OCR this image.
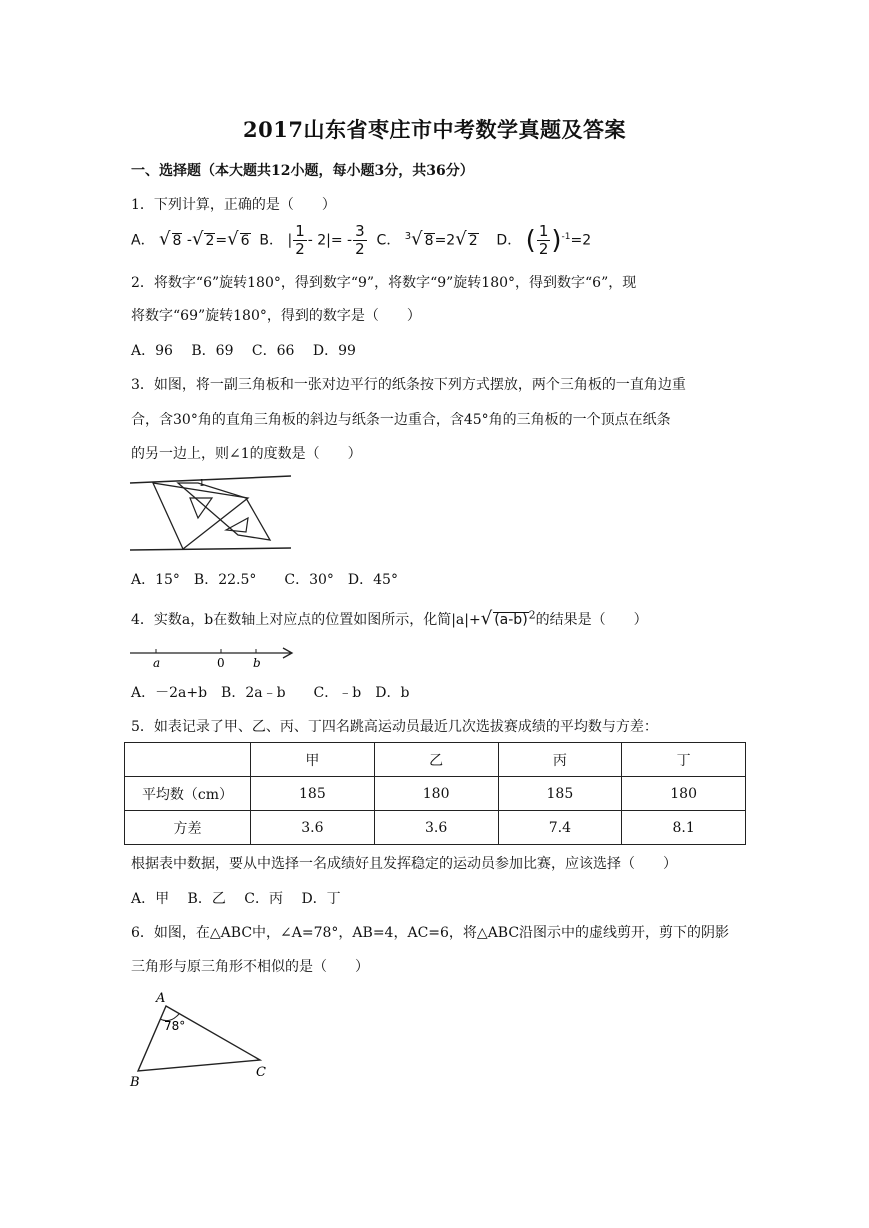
2017山东省枣庄市中考数学真题及答案
一、选择题（本大题共12小题，每小题3分，共36分）
1．下列计算，正确的是（　　）
A． √ 8 -√ 2=√ 6 B． | $\frac{1}{2} - 2|= - \frac{3}{2}$ C． $^3$√ 8=2√ 2 D． ( $\frac{1}{2} )^{-1}=2$
2．将数字“6”旋转180°，得到数字“9”，将数字“9”旋转180°，得到数字“6”，现
将数字“69”旋转180°，得到的数字是（　　）
A．96　 B．69　 C．66　 D．99
3．如图，将一副三角板和一张对边平行的纸条按下列方式摆放，两个三角板的一直角边重
合，含30°角的直角三角板的斜边与纸条一边重合，含45°角的三角板的一个顶点在纸条
的另一边上，则∠1的度数是（　　）
1
A．15°　B．22.5°　　C．30°　D．45°
4．实数a，b在数轴上对应点的位置如图所示，化简|a|+√ $(a-b)^2$的结果是（　　）
a	0 b
A．－2a+b　B．2a﹣b　　C．﹣b　D．b
5．如表记录了甲、乙、丙、丁四名跳高运动员最近几次选拔赛成绩的平均数与方差：
	甲	乙	丙	丁
平均数（cm）	185	180	185	180
方差	3.6	3.6	7.4	8.1
根据表中数据，要从中选择一名成绩好且发挥稳定的运动员参加比赛，应该选择（　　）
A．甲　 B．乙　 C．丙　 D．丁
6．如图，在△ABC中，∠A=78°，AB=4，AC=6，将△ABC沿图示中的虚线剪开，剪下的阴影
三角形与原三角形不相似的是（　　）
A
B
C
78°
